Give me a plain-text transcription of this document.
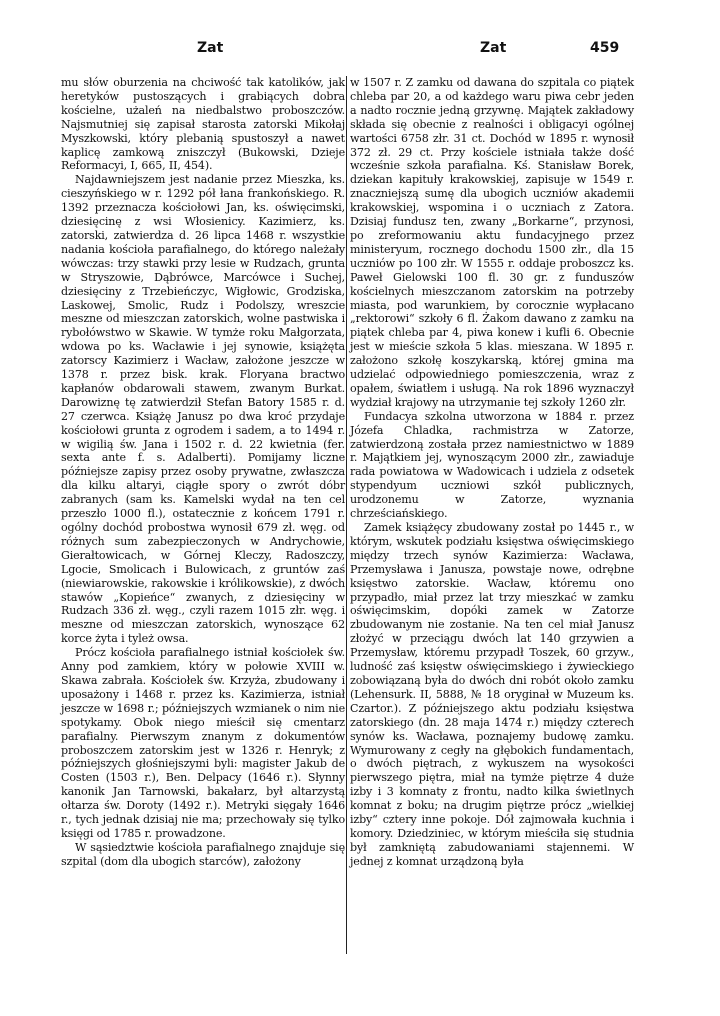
Zat	Zat	459

mu słów oburzenia na chciwość tak katolików, jak heretyków pustoszących i grabiących dobra kościelne, użaleń na niedbalstwo proboszczów. Najsmutniej się zapisał starosta zatorski Mikołaj Myszkowski, który plebanią spustoszył a nawet kaplicę zamkową zniszczył (Bukowski, Dzieje Reformacyi, I, 665, II, 454).

Najdawniejszem jest nadanie przez Mieszka, ks. cieszyńskiego w r. 1292 pół łana frankońskiego. R. 1392 przeznacza kościołowi Jan, ks. oświęcimski, dziesięcinę z wsi Włosienicy. Kazimierz, ks. zatorski, zatwierdza d. 26 lipca 1468 r. wszystkie nadania kościoła parafialnego, do którego należały wówczas: trzy stawki przy lesie w Rudzach, grunta w Stryszowie, Dąbrówce, Marcówce i Suchej, dziesięciny z Trzebieńczyc, Wigłowic, Grodziska, Laskowej, Smolic, Rudz i Podolszy, wreszcie meszne od mieszczan zatorskich, wolne pastwiska i rybołówstwo w Skawie. W tymże roku Małgorzata, wdowa po ks. Wacławie i jej synowie, książęta zatorscy Kazimierz i Wacław, założone jeszcze w 1378 r. przez bisk. krak. Floryana bractwo kapłanów obdarowali stawem, zwanym Burkat. Darowiznę tę zatwierdził Stefan Batory 1585 r. d. 27 czerwca. Książę Janusz po dwa kroć przydaje kościołowi grunta z ogrodem i sadem, a to 1494 r. w wigilią św. Jana i 1502 r. d. 22 kwietnia (fer. sexta ante f. s. Adalberti). Pomijamy liczne późniejsze zapisy przez osoby prywatne, zwłaszcza dla kilku altaryi, ciągłe spory o zwrót dóbr zabranych (sam ks. Kamelski wydał na ten cel przeszło 1000 fl.), ostatecznie z końcem 1791 r. ogólny dochód probostwa wynosił 679 zł. węg. od różnych sum zabezpieczonych w Andrychowie, Gierałtowicach, w Górnej Kleczy, Radoszczy, Lgocie, Smolicach i Bulowicach, z gruntów zaś (niewiarowskie, rakowskie i królikowskie), z dwóch stawów „Kopieńce“ zwanych, z dziesięciny w Rudzach 336 zł. węg., czyli razem 1015 złr. węg. i meszne od mieszczan zatorskich, wynoszące 62 korce żyta i tyleż owsa.

Prócz kościoła parafialnego istniał kościołek św. Anny pod zamkiem, który w połowie XVIII w. Skawa zabrała. Kościołek św. Krzyża, zbudowany i uposażony i 1468 r. przez ks. Kazimierza, istniał jeszcze w 1698 r.; późniejszych wzmianek o nim nie spotykamy. Obok niego mieścił się cmentarz parafialny. Pierwszym znanym z dokumentów proboszczem zatorskim jest w 1326 r. Henryk; z późniejszych głośniejszymi byli: magister Jakub de Costen (1503 r.), Ben. Delpacy (1646 r.). Słynny kanonik Jan Tarnowski, bakałarz, był altarzystą ołtarza św. Doroty (1492 r.). Metryki sięgały 1646 r., tych jednak dzisiaj nie ma; przechowały się tylko księgi od 1785 r. prowadzone.

W sąsiedztwie kościoła parafialnego znajduje się szpital (dom dla ubogich starców), założony

w 1507 r. Z zamku od dawana do szpitala co piątek chleba par 20, a od każdego waru piwa cebr jeden a nadto rocznie jedną grzywnę. Majątek zakładowy składa się obecnie z realności i obligacyi ogólnej wartości 6758 złr. 31 ct. Dochód w 1895 r. wynosił 372 zł. 29 ct. Przy kościele istniała także dość wcześnie szkoła parafialna. Kś. Stanisław Borek, dziekan kapituły krakowskiej, zapisuje w 1549 r. znaczniejszą sumę dla ubogich uczniów akademii krakowskiej, wspomina i o uczniach z Zatora. Dzisiaj fundusz ten, zwany „Borkarne“, przynosi, po zreformowaniu aktu fundacyjnego przez ministeryum, rocznego dochodu 1500 złr., dla 15 uczniów po 100 złr. W 1555 r. oddaje proboszcz ks. Paweł Gielowski 100 fl. 30 gr. z funduszów kościelnych mieszczanom zatorskim na potrzeby miasta, pod warunkiem, by corocznie wypłacano „rektorowi“ szkoły 6 fl. Żakom dawano z zamku na piątek chleba par 4, piwa konew i kufli 6. Obecnie jest w mieście szkoła 5 klas. mieszana. W 1895 r. założono szkołę koszykarską, której gmina ma udzielać odpowiedniego pomieszczenia, wraz z opałem, światłem i usługą. Na rok 1896 wyznaczył wydział krajowy na utrzymanie tej szkoły 1260 złr.

Fundacya szkolna utworzona w 1884 r. przez Józefa Chladka, rachmistrza w Zatorze, zatwierdzoną została przez namiestnictwo w 1889 r. Majątkiem jej, wynoszącym 2000 złr., zawiaduje rada powiatowa w Wadowicach i udziela z odsetek stypendyum uczniowi szkół publicznych, urodzonemu w Zatorze, wyznania chrześciańskiego.

Zamek książęcy zbudowany został po 1445 r., w którym, wskutek podziału księstwa oświęcimskiego między trzech synów Kazimierza: Wacława, Przemysława i Janusza, powstaje nowe, odrębne księstwo zatorskie. Wacław, któremu ono przypadło, miał przez lat trzy mieszkać w zamku oświęcimskim, dopóki zamek w Zatorze zbudowanym nie zostanie. Na ten cel miał Janusz złożyć w przeciągu dwóch lat 140 grzywien a Przemysław, któremu przypadł Toszek, 60 grzyw., ludność zaś księstw oświęcimskiego i żywieckiego zobowiązaną była do dwóch dni robót około zamku (Lehensurk. II, 5888, № 18 oryginał w Muzeum ks. Czartor.). Z późniejszego aktu podziału księstwa zatorskiego (dn. 28 maja 1474 r.) między czterech synów ks. Wacława, poznajemy budowę zamku. Wymurowany z cegły na głębokich fundamentach, o dwóch piętrach, z wykuszem na wysokości pierwszego piętra, miał na tymże piętrze 4 duże izby i 3 komnaty z frontu, nadto kilka świetlnych komnat z boku; na drugim piętrze prócz „wielkiej izby“ cztery inne pokoje. Dół zajmowała kuchnia i komory. Dziedziniec, w którym mieściła się studnia był zamkniętą zabudowaniami stajennemi. W jednej z komnat urządzoną była
